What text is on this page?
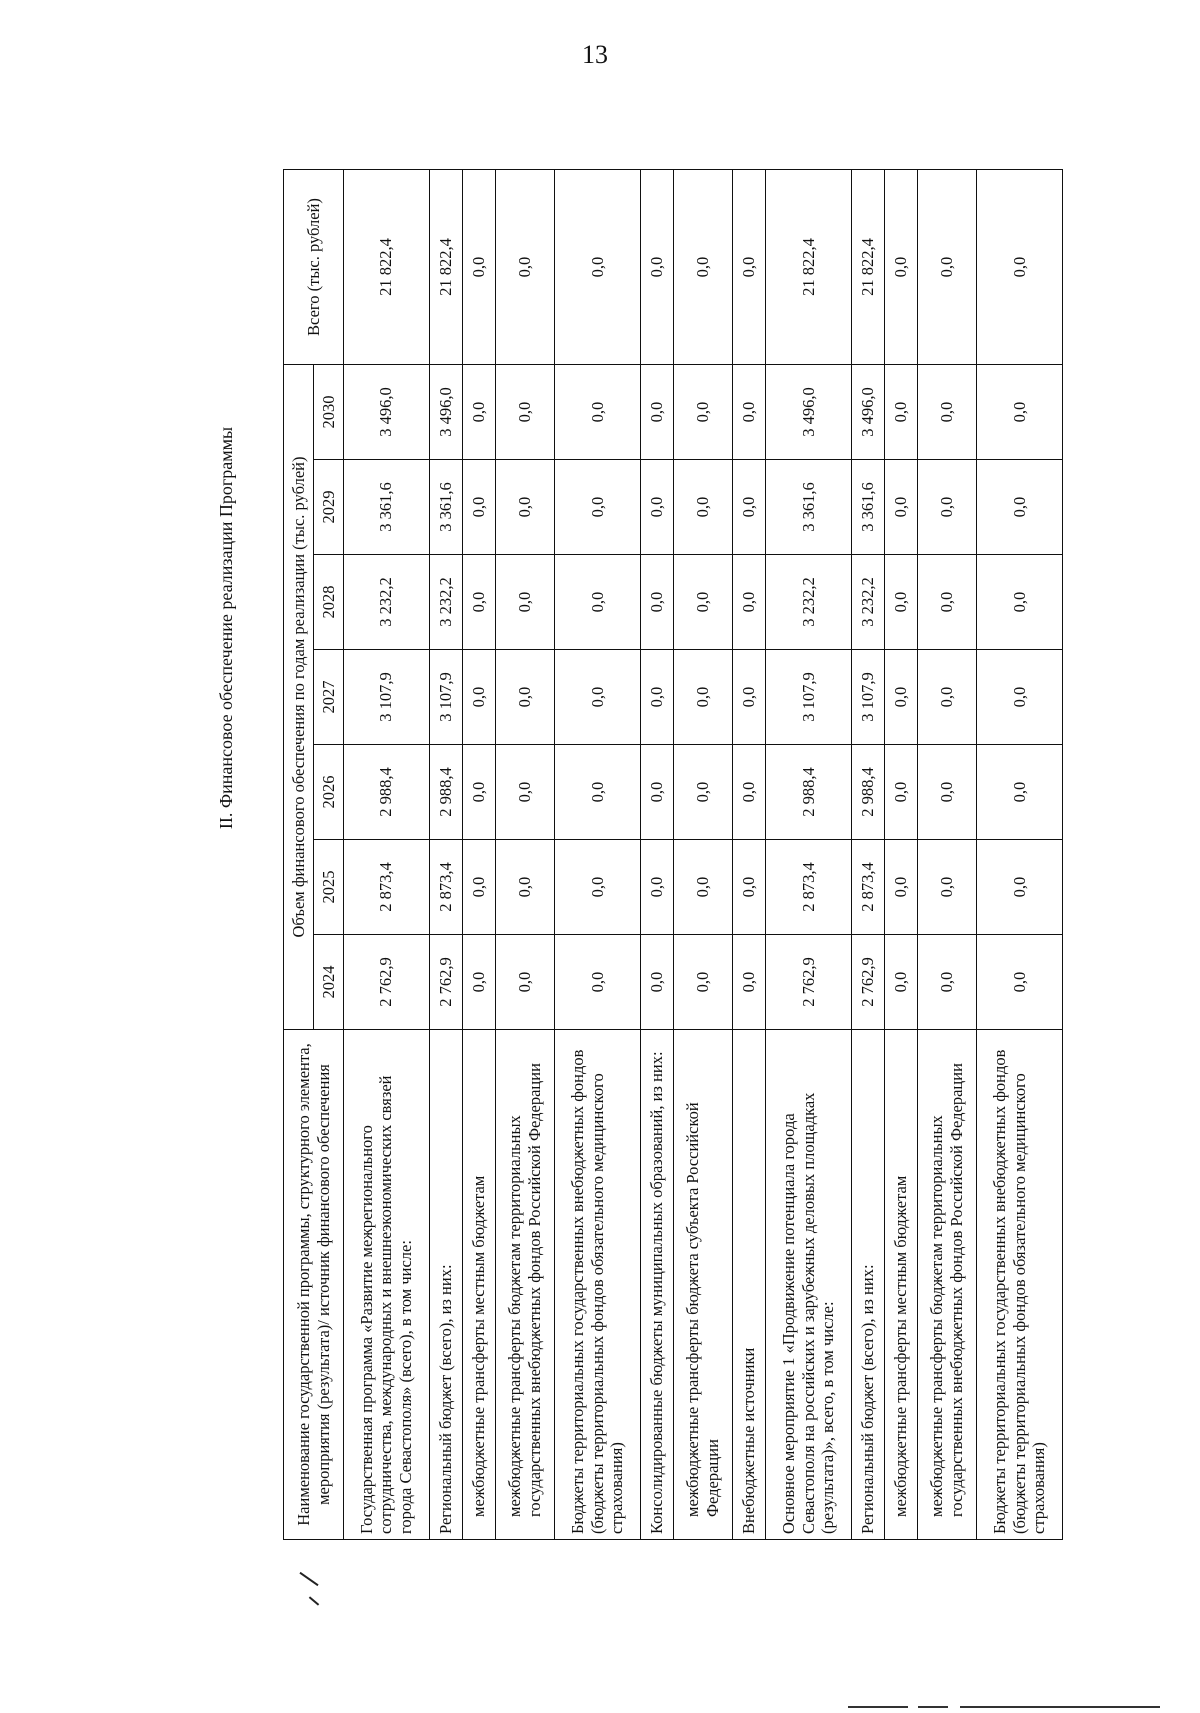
13
II. Финансовое обеспечение реализации Программы
Наименование государственной программы, структурного элемента, мероприятия (результата)/ источник финансового обеспечения	Объем финансового обеспечения по годам реализации (тыс. рублей)							Всего (тыс. рублей)
	2024	2025	2026	2027	2028	2029	2030	
Государственная программа «Развитие межрегионального сотрудничества, международных и внешнеэкономических связей города Севастополя» (всего), в том числе:	2 762,9	2 873,4	2 988,4	3 107,9	3 232,2	3 361,6	3 496,0	21 822,4
Региональный бюджет (всего), из них:	2 762,9	2 873,4	2 988,4	3 107,9	3 232,2	3 361,6	3 496,0	21 822,4
межбюджетные трансферты местным бюджетам	0,0	0,0	0,0	0,0	0,0	0,0	0,0	0,0
межбюджетные трансферты бюджетам территориальных государственных внебюджетных фондов Российской Федерации	0,0	0,0	0,0	0,0	0,0	0,0	0,0	0,0
Бюджеты территориальных государственных внебюджетных фондов (бюджеты территориальных фондов обязательного медицинского страхования)	0,0	0,0	0,0	0,0	0,0	0,0	0,0	0,0
Консолидированные бюджеты муниципальных образований, из них:	0,0	0,0	0,0	0,0	0,0	0,0	0,0	0,0
межбюджетные трансферты бюджета субъекта Российской Федерации	0,0	0,0	0,0	0,0	0,0	0,0	0,0	0,0
Внебюджетные источники	0,0	0,0	0,0	0,0	0,0	0,0	0,0	0,0
Основное мероприятие 1 «Продвижение потенциала города Севастополя на российских и зарубежных деловых площадках (результата)», всего, в том числе:	2 762,9	2 873,4	2 988,4	3 107,9	3 232,2	3 361,6	3 496,0	21 822,4
Региональный бюджет (всего), из них:	2 762,9	2 873,4	2 988,4	3 107,9	3 232,2	3 361,6	3 496,0	21 822,4
межбюджетные трансферты местным бюджетам	0,0	0,0	0,0	0,0	0,0	0,0	0,0	0,0
межбюджетные трансферты бюджетам территориальных государственных внебюджетных фондов Российской Федерации	0,0	0,0	0,0	0,0	0,0	0,0	0,0	0,0
Бюджеты территориальных государственных внебюджетных фондов (бюджеты территориальных фондов обязательного медицинского страхования)	0,0	0,0	0,0	0,0	0,0	0,0	0,0	0,0
